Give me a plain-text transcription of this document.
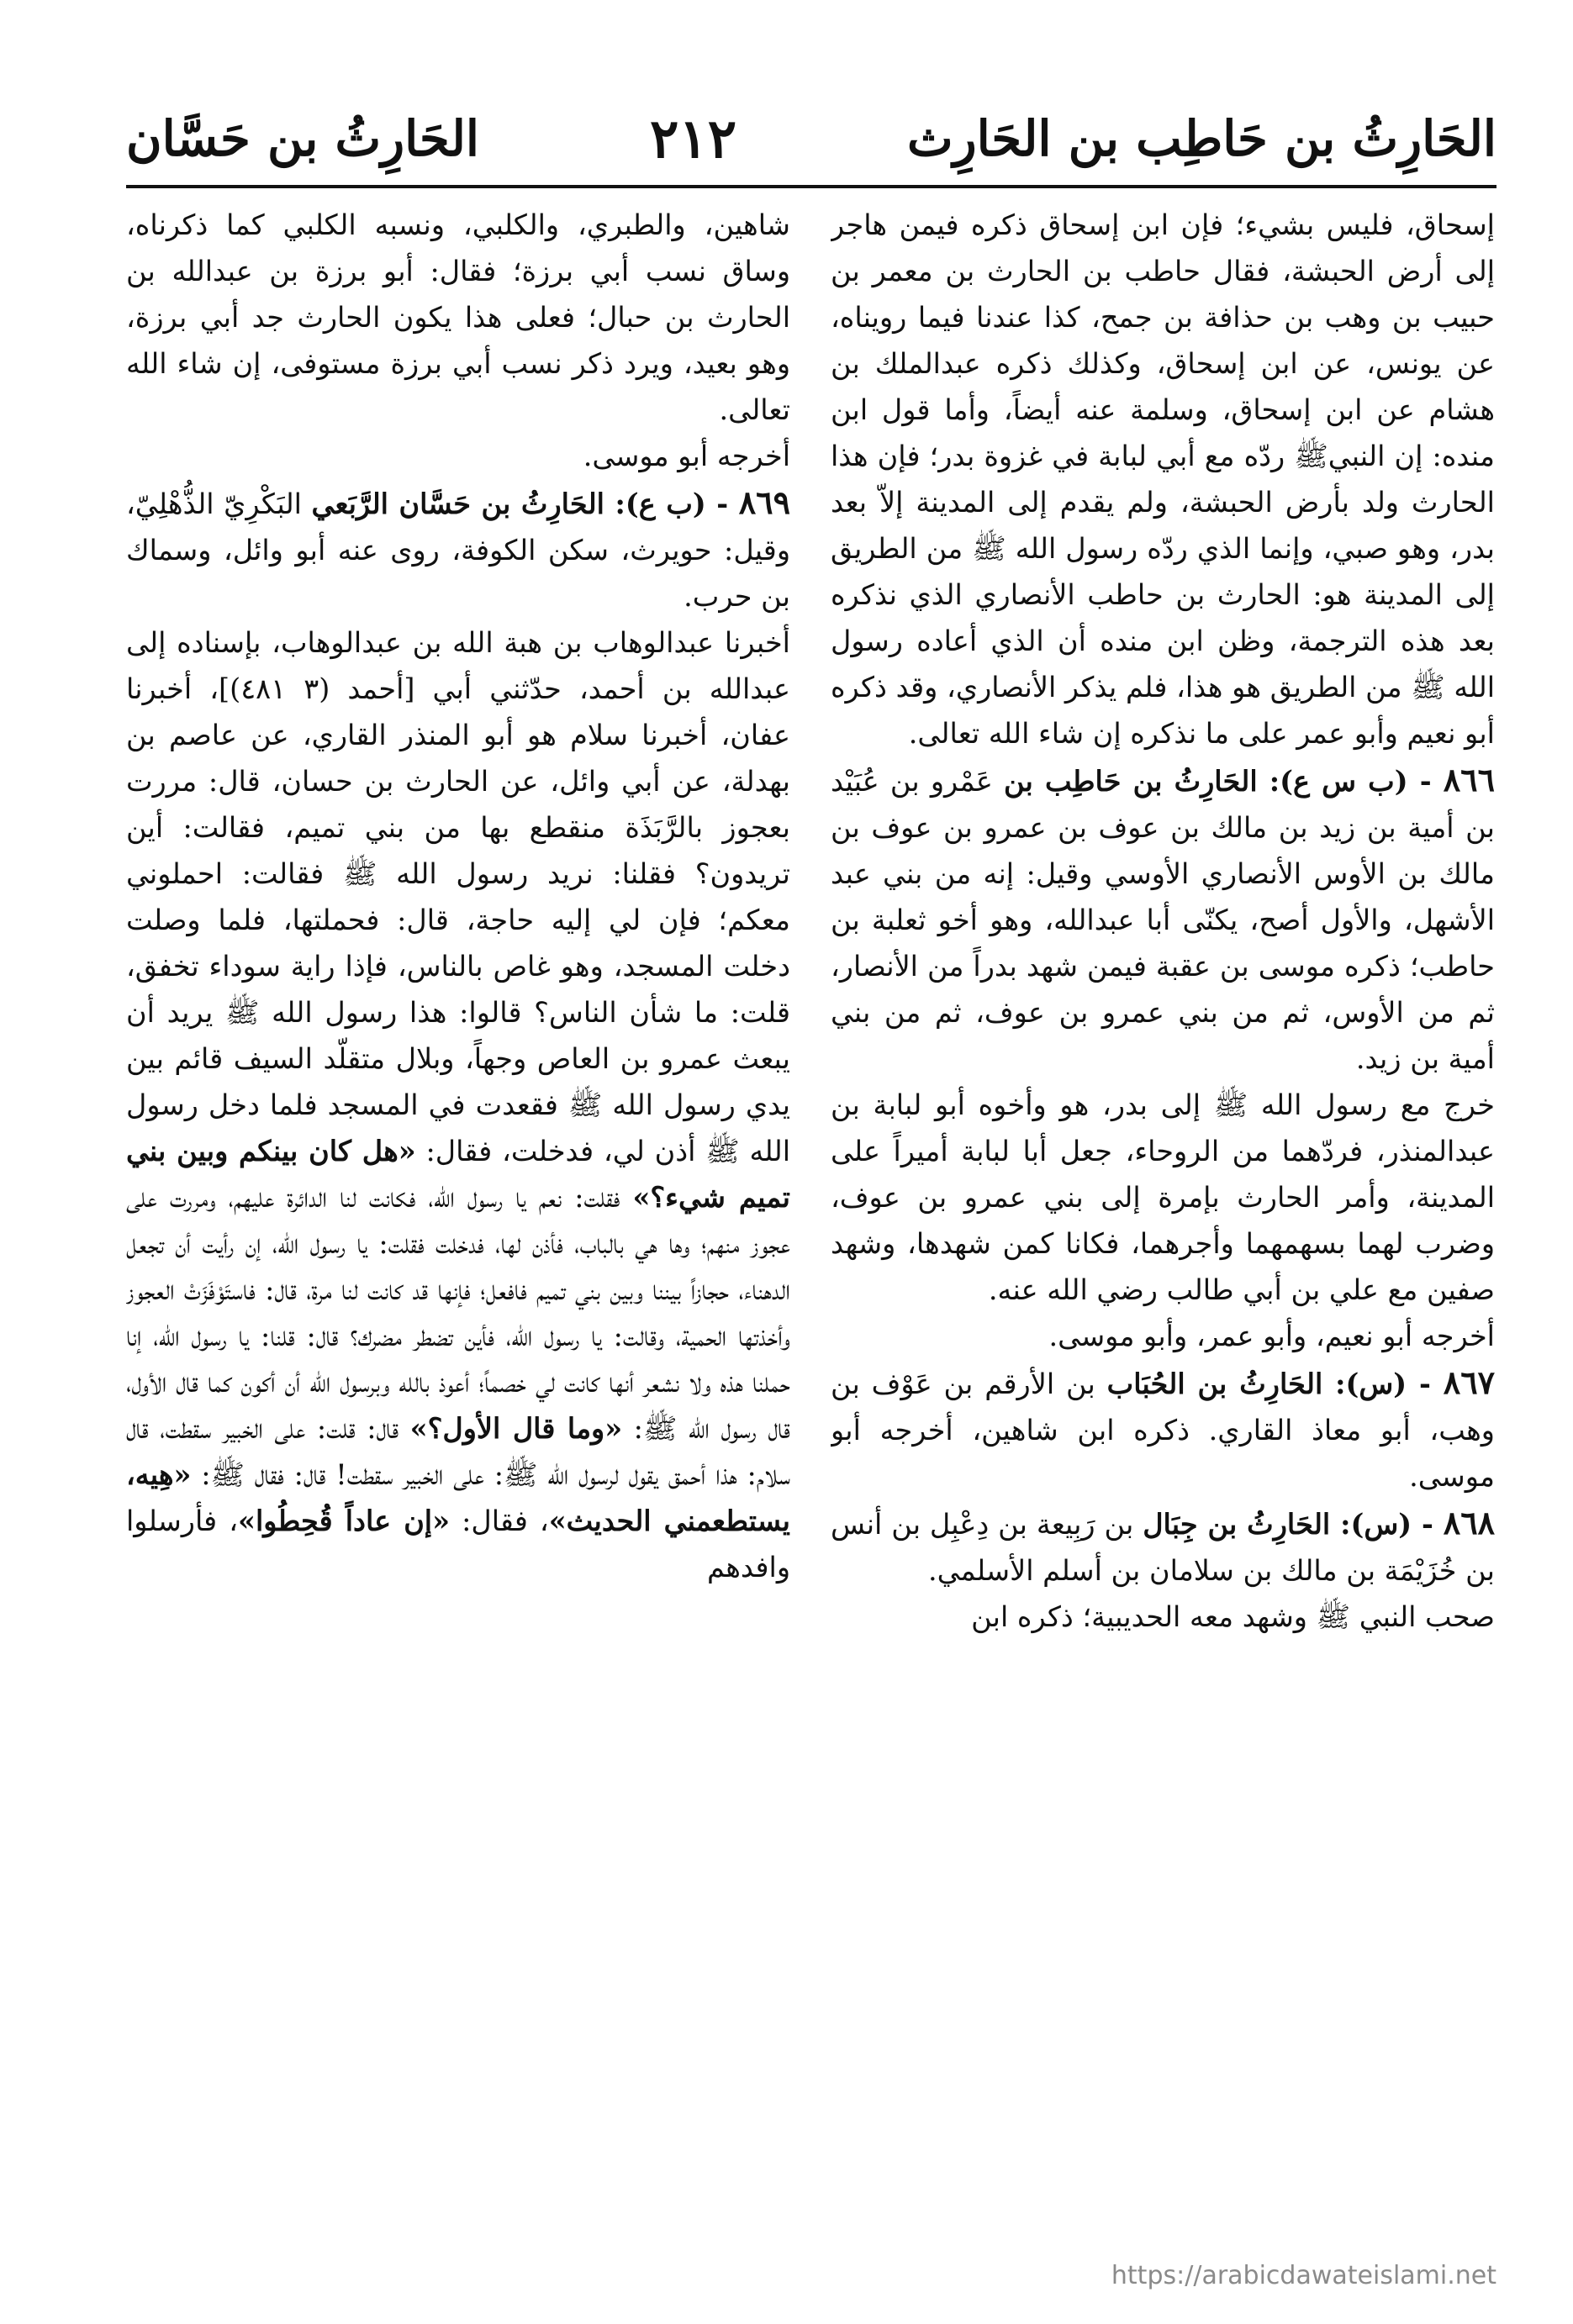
الحَارِثُ بن حَاطِب بن الحَارِث
٢١٢
الحَارِثُ بن حَسَّان

إسحاق، فليس بشيء؛ فإن ابن إسحاق ذكره فيمن هاجر إلى أرض الحبشة، فقال حاطب بن الحارث بن معمر بن حبيب بن وهب بن حذافة بن جمح، كذا عندنا فيما رويناه، عن يونس، عن ابن إسحاق، وكذلك ذكره عبدالملك بن هشام عن ابن إسحاق، وسلمة عنه أيضاً، وأما قول ابن منده: إن النبيﷺ ردّه مع أبي لبابة في غزوة بدر؛ فإن هذا الحارث ولد بأرض الحبشة، ولم يقدم إلى المدينة إلاّ بعد بدر، وهو صبي، وإنما الذي ردّه رسول الله ﷺ من الطريق إلى المدينة هو: الحارث بن حاطب الأنصاري الذي نذكره بعد هذه الترجمة، وظن ابن منده أن الذي أعاده رسول الله ﷺ من الطريق هو هذا، فلم يذكر الأنصاري، وقد ذكره أبو نعيم وأبو عمر على ما نذكره إن شاء الله تعالى.

٨٦٦ - (ب س ع): الحَارِثُ بن حَاطِب بن عَمْرو بن عُبَيْد بن أمية بن زيد بن مالك بن عوف بن عمرو بن عوف بن مالك بن الأوس الأنصاري الأوسي وقيل: إنه من بني عبد الأشهل، والأول أصح، يكنّى أبا عبدالله، وهو أخو ثعلبة بن حاطب؛ ذكره موسى بن عقبة فيمن شهد بدراً من الأنصار، ثم من الأوس، ثم من بني عمرو بن عوف، ثم من بني أمية بن زيد.

خرج مع رسول الله ﷺ إلى بدر، هو وأخوه أبو لبابة بن عبدالمنذر، فردّهما من الروحاء، جعل أبا لبابة أميراً على المدينة، وأمر الحارث بإمرة إلى بني عمرو بن عوف، وضرب لهما بسهمهما وأجرهما، فكانا كمن شهدها، وشهد صفين مع علي بن أبي طالب رضي الله عنه.

أخرجه أبو نعيم، وأبو عمر، وأبو موسى.

٨٦٧ - (س): الحَارِثُ بن الحُبَاب بن الأرقم بن عَوْف بن وهب، أبو معاذ القاري. ذكره ابن شاهين، أخرجه أبو موسى.

٨٦٨ - (س): الحَارِثُ بن جِبَال بن رَبِيعة بن دِعْبِل بن أنس بن خُزَيْمَة بن مالك بن سلامان بن أسلم الأسلمي.

صحب النبي ﷺ وشهد معه الحديبية؛ ذكره ابن

شاهين، والطبري، والكلبي، ونسبه الكلبي كما ذكرناه، وساق نسب أبي برزة؛ فقال: أبو برزة بن عبدالله بن الحارث بن حبال؛ فعلى هذا يكون الحارث جد أبي برزة، وهو بعيد، ويرد ذكر نسب أبي برزة مستوفى، إن شاء الله تعالى.

أخرجه أبو موسى.

٨٦٩ - (ب ع): الحَارِثُ بن حَسَّان الرَّبَعي البَكْرِيّ الذُّهْلِيّ، وقيل: حويرث، سكن الكوفة، روى عنه أبو وائل، وسماك بن حرب.

أخبرنا عبدالوهاب بن هبة الله بن عبدالوهاب، بإسناده إلى عبدالله بن أحمد، حدّثني أبي [أحمد (٣ ٤٨١)]، أخبرنا عفان، أخبرنا سلام هو أبو المنذر القاري، عن عاصم بن بهدلة، عن أبي وائل، عن الحارث بن حسان، قال: مررت بعجوز بالرَّبَذَة منقطع بها من بني تميم، فقالت: أين تريدون؟ فقلنا: نريد رسول الله ﷺ فقالت: احملوني معكم؛ فإن لي إليه حاجة، قال: فحملتها، فلما وصلت دخلت المسجد، وهو غاص بالناس، فإذا راية سوداء تخفق، قلت: ما شأن الناس؟ قالوا: هذا رسول الله ﷺ يريد أن يبعث عمرو بن العاص وجهاً، وبلال متقلّد السيف قائم بين يدي رسول الله ﷺ فقعدت في المسجد فلما دخل رسول الله ﷺ أذن لي، فدخلت، فقال: «هل كان بينكم وبين بني تميم شيء؟» فقلت: نعم يا رسول الله، فكانت لنا الدائرة عليهم، ومررت على عجوز منهم؛ وها هي بالباب، فأذن لها، فدخلت فقلت: يا رسول الله، إن رأيت أن تجعل الدهناء، حجازاً بيننا وبين بني تميم فافعل؛ فإنها قد كانت لنا مرة، قال: فاستَوْفَزَتْ العجوز وأخذتها الحمية، وقالت: يا رسول الله، فأين تضطر مضرك؟ قال: قلنا: يا رسول الله، إنا حملنا هذه ولا نشعر أنها كانت لي خصماً؛ أعوذ بالله وبرسول الله أن أكون كما قال الأول، قال رسول الله ﷺ: «وما قال الأول؟» قال: قلت: على الخبير سقطت، قال سلام: هذا أحمق يقول لرسول الله ﷺ: على الخبير سقطت! قال: فقال ﷺ: «هِيه، يستطعمني الحديث»، فقال: «إن عاداً قُحِطُوا»، فأرسلوا وافدهم

https://arabicdawateislami.net
